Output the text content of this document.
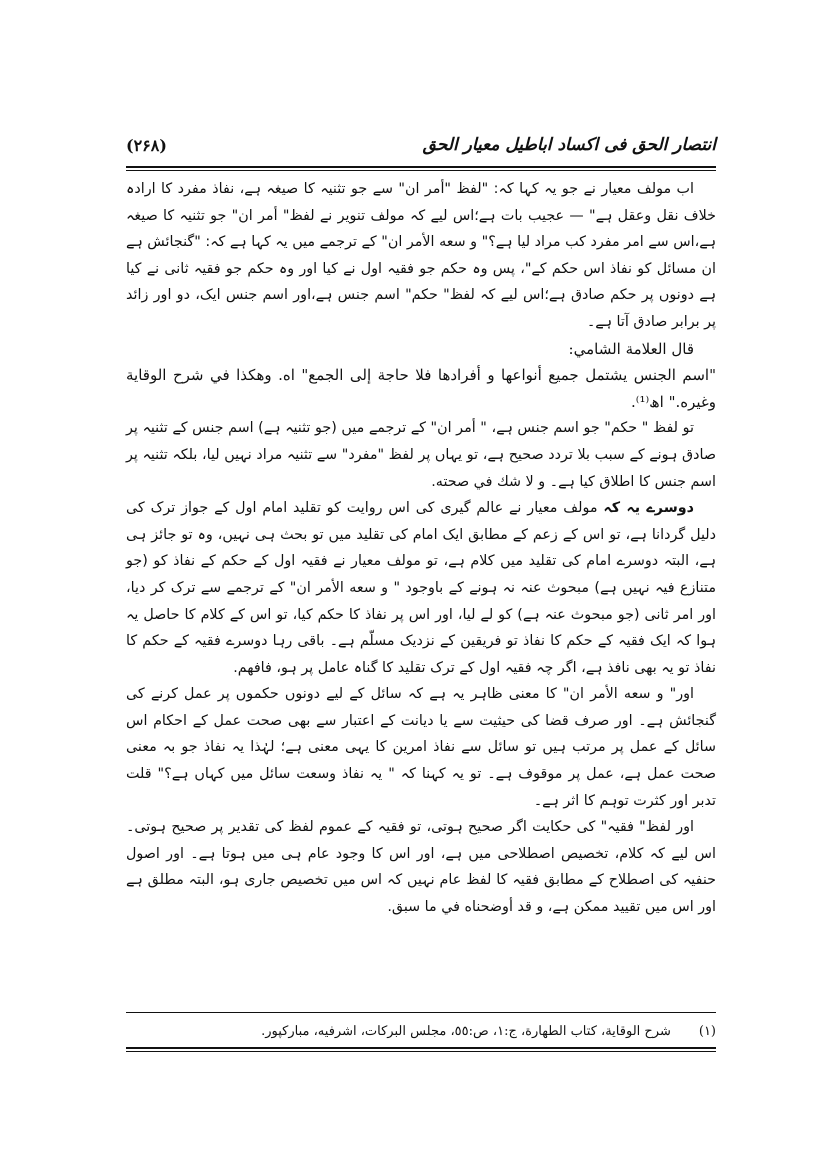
انتصار الحق فی اکساد اباطیل معیار الحق
(۲۶۸)

اب مولف معیار نے جو یہ کہا کہ: "لفظ "أمر ان" سے جو تثنیہ کا صیغہ ہے، نفاذ مفرد کا ارادہ خلاف نقل وعقل ہے" — عجیب بات ہے؛اس لیے کہ مولف تنویر نے لفظ" أمر ان" جو تثنیہ کا صیغہ ہے،اس سے امر مفرد کب مراد لیا ہے؟" و سعه الأمر ان" کے ترجمے میں یہ کہا ہے کہ: "گنجائش ہے ان مسائل کو نفاذ اس حکم کے"، پس وہ حکم جو فقیہ اول نے کیا اور وہ حکم جو فقیہ ثانی نے کیا ہے دونوں پر حکم صادق ہے؛اس لیے کہ لفظ" حکم" اسم جنس ہے،اور اسم جنس ایک، دو اور زائد پر برابر صادق آتا ہے۔

قال العلامة الشامي:

"اسم الجنس يشتمل جميع أنواعها و أفرادها فلا حاجة إلى الجمع" اه. وهكذا في شرح الوقاية وغيره." اھ⁽¹⁾.

تو لفظ " حکم" جو اسم جنس ہے، " أمر ان" کے ترجمے میں (جو تثنیہ ہے) اسم جنس کے تثنیہ پر صادق ہونے کے سبب بلا تردد صحیح ہے، تو یہاں پر لفظ "مفرد" سے تثنیہ مراد نہیں لیا، بلکہ تثنیہ پر اسم جنس کا اطلاق کیا ہے۔ و لا شك في صحته.

دوسرے یہ کہ مولف معیار نے عالم گیری کی اس روایت کو تقلید امام اول کے جواز ترک کی دلیل گردانا ہے، تو اس کے زعم کے مطابق ایک امام کی تقلید میں تو بحث ہی نہیں، وہ تو جائز ہی ہے، البتہ دوسرے امام کی تقلید میں کلام ہے، تو مولف معیار نے فقیہ اول کے حکم کے نفاذ کو (جو متنازع فیہ نہیں ہے) مبحوث عنہ نہ ہونے کے باوجود " و سعه الأمر ان" کے ترجمے سے ترک کر دیا، اور امر ثانی (جو مبحوث عنہ ہے) کو لے لیا، اور اس پر نفاذ کا حکم کیا، تو اس کے کلام کا حاصل یہ ہوا کہ ایک فقیہ کے حکم کا نفاذ تو فریقین کے نزدیک مسلّم ہے۔ باقی رہا دوسرے فقیہ کے حکم کا نفاذ تو یہ بھی نافذ ہے، اگر چہ فقیہ اول کے ترک تقلید کا گناہ عامل پر ہو، فافهم.

اور" و سعه الأمر ان" کا معنی ظاہر یہ ہے کہ سائل کے لیے دونوں حکموں پر عمل کرنے کی گنجائش ہے۔ اور صرف قضا کی حیثیت سے یا دیانت کے اعتبار سے بھی صحت عمل کے احکام اس سائل کے عمل پر مرتب ہیں تو سائل سے نفاذ امرین کا یہی معنی ہے؛ لہٰذا یہ نفاذ جو بہ معنی صحت عمل ہے، عمل پر موقوف ہے۔ تو یہ کہنا کہ " یہ نفاذ وسعت سائل میں کہاں ہے؟" قلت تدبر اور کثرت توہم کا اثر ہے۔

اور لفظ" فقیہ" کی حکایت اگر صحیح ہوتی، تو فقیہ کے عموم لفظ کی تقدیر پر صحیح ہوتی۔ اس لیے کہ کلام، تخصیص اصطلاحی میں ہے، اور اس کا وجود عام ہی میں ہوتا ہے۔ اور اصول حنفیہ کی اصطلاح کے مطابق فقیہ کا لفظ عام نہیں کہ اس میں تخصیص جاری ہو، البتہ مطلق ہے اور اس میں تقیید ممکن ہے، و قد أوضحناه في ما سبق.

(١)
شرح الوقاية، كتاب الطهارة، ج:١، ص:٥٥، مجلس البركات، اشرفيه، مباركپور.
